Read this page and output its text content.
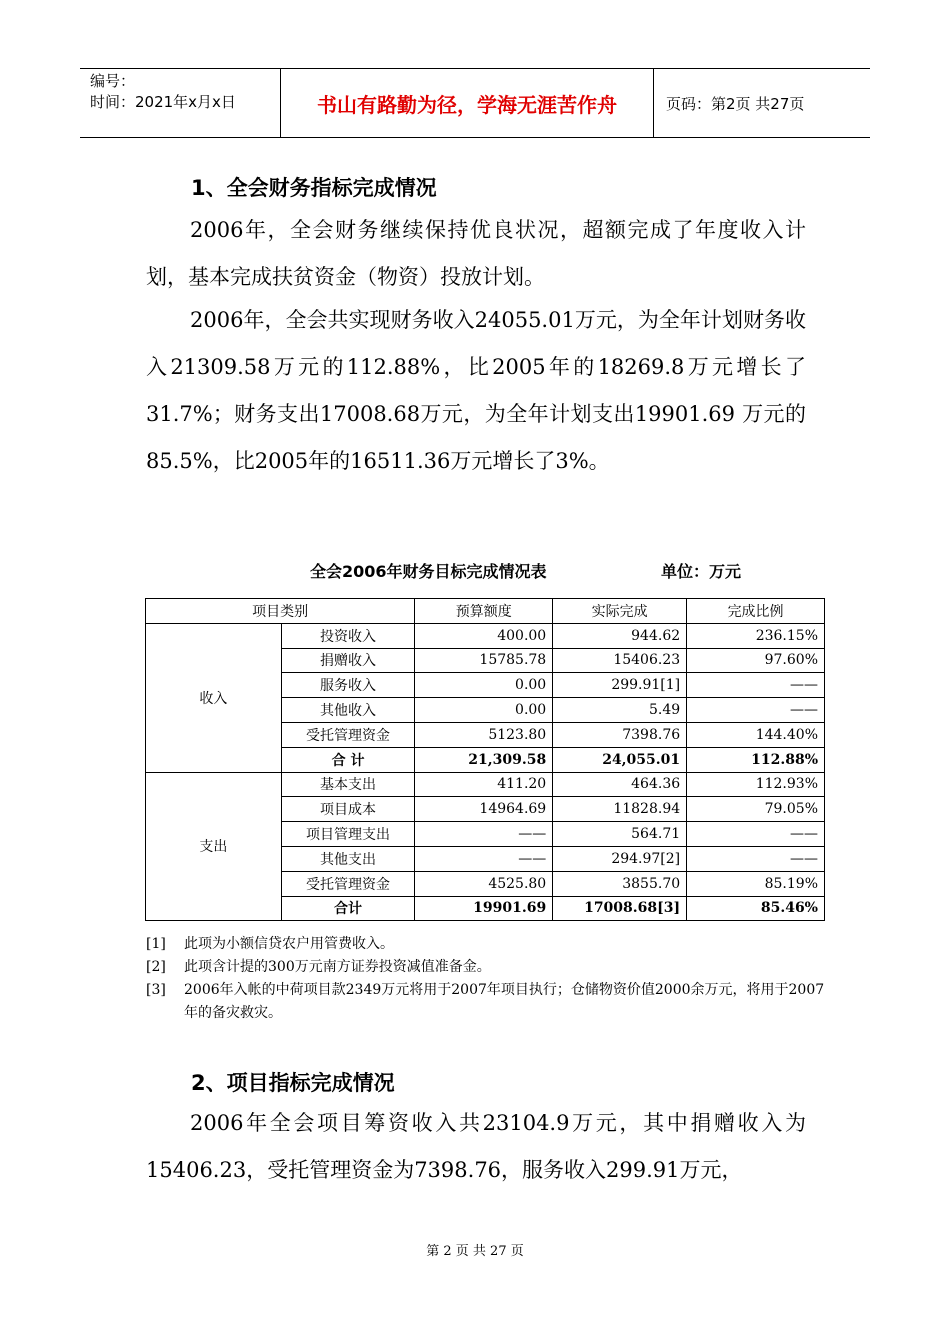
编号：
时间：2021年x月x日	书山有路勤为径，学海无涯苦作舟	页码：第2页 共27页
1、全会财务指标完成情况

2006年，全会财务继续保持优良状况，超额完成了年度收入计划，基本完成扶贫资金（物资）投放计划。

2006年，全会共实现财务收入24055.01万元，为全年计划财务收入21309.58万元的112.88%，比2005年的18269.8万元增长了31.7%；财务支出17008.68万元，为全年计划支出19901.69 万元的85.5%，比2005年的16511.36万元增长了3%。

全会2006年财务目标完成情况表	单位：万元
项目类别		预算额度	实际完成	完成比例
收入	投资收入	400.00	944.62	236.15%
	捐赠收入	15785.78	15406.23	97.60%
	服务收入	0.00	299.91[1]	——
	其他收入	0.00	5.49	——
	受托管理资金	5123.80	7398.76	144.40%
	合 计	21,309.58	24,055.01	112.88%
支出	基本支出	411.20	464.36	112.93%
	项目成本	14964.69	11828.94	79.05%
	项目管理支出	——	564.71	——
	其他支出	——	294.97[2]	——
	受托管理资金	4525.80	3855.70	85.19%
	合计	19901.69	17008.68[3]	85.46%
[1]	此项为小额信贷农户用管费收入。
[2]	此项含计提的300万元南方证券投资减值准备金。
[3]	2006年入帐的中荷项目款2349万元将用于2007年项目执行；仓储物资价值2000余万元，将用于2007年的备灾救灾。
2、项目指标完成情况

2006年全会项目筹资收入共23104.9万元，其中捐赠收入为15406.23，受托管理资金为7398.76，服务收入299.91万元，

第 2 页 共 27 页
